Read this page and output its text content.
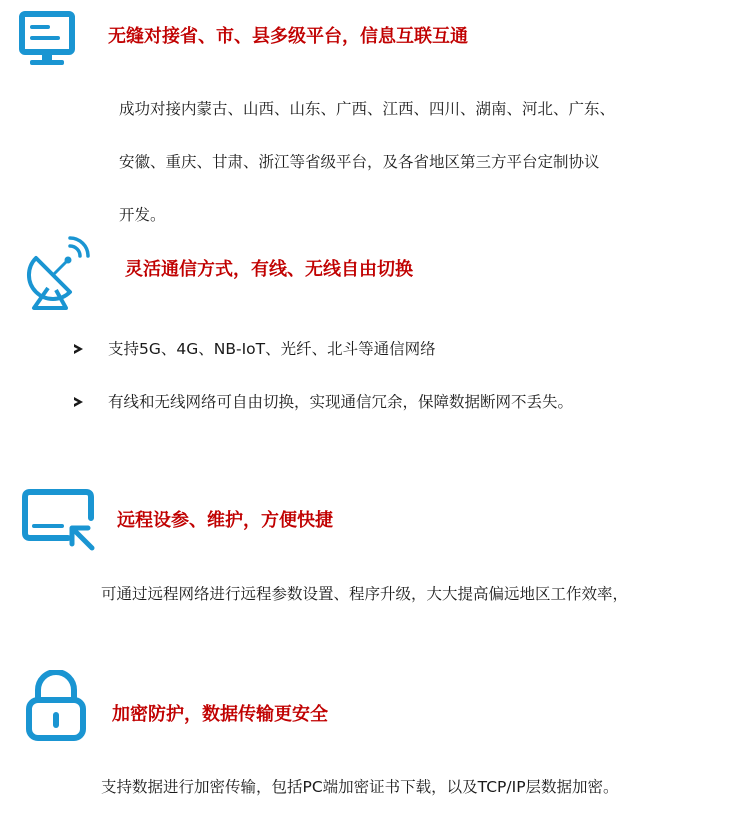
无缝对接省、市、县多级平台，信息互联互通
成功对接内蒙古、山西、山东、广西、江西、四川、湖南、河北、广东、
安徽、重庆、甘肃、浙江等省级平台，及各省地区第三方平台定制协议
开发。
灵活通信方式，有线、无线自由切换
支持5G、4G、NB-IoT、光纤、北斗等通信网络
有线和无线网络可自由切换，实现通信冗余，保障数据断网不丢失。
远程设参、维护，方便快捷
可通过远程网络进行远程参数设置、程序升级，大大提高偏远地区工作效率，
加密防护，数据传输更安全
支持数据进行加密传输，包括PC端加密证书下载，以及TCP/IP层数据加密。
